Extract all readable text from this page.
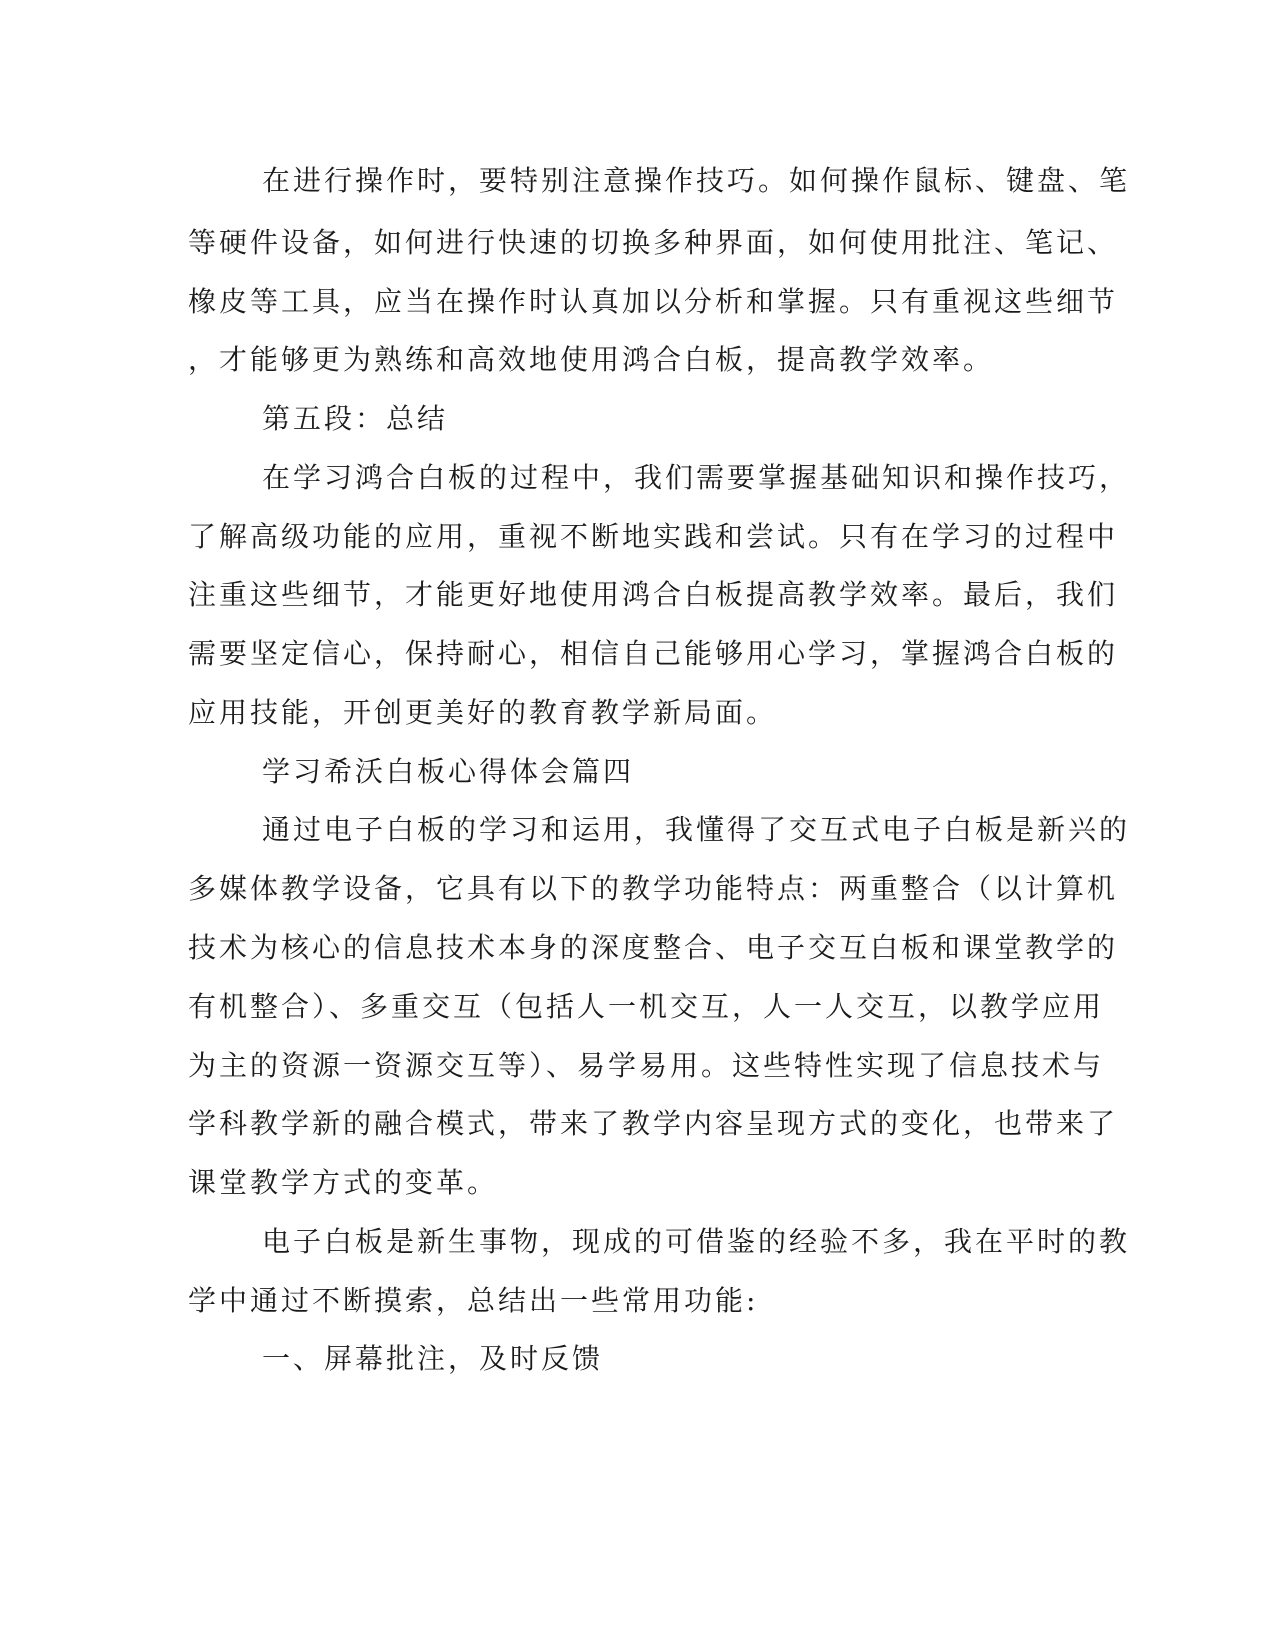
在进行操作时，要特别注意操作技巧。如何操作鼠标、键盘、笔
等硬件设备，如何进行快速的切换多种界面，如何使用批注、笔记、
橡皮等工具，应当在操作时认真加以分析和掌握。只有重视这些细节
，才能够更为熟练和高效地使用鸿合白板，提高教学效率。
第五段：总结
在学习鸿合白板的过程中，我们需要掌握基础知识和操作技巧，
了解高级功能的应用，重视不断地实践和尝试。只有在学习的过程中
注重这些细节，才能更好地使用鸿合白板提高教学效率。最后，我们
需要坚定信心，保持耐心，相信自己能够用心学习，掌握鸿合白板的
应用技能，开创更美好的教育教学新局面。
学习希沃白板心得体会篇四
通过电子白板的学习和运用，我懂得了交互式电子白板是新兴的
多媒体教学设备，它具有以下的教学功能特点：两重整合（以计算机
技术为核心的信息技术本身的深度整合、电子交互白板和课堂教学的
有机整合）、多重交互（包括人一机交互，人一人交互，以教学应用
为主的资源一资源交互等）、易学易用。这些特性实现了信息技术与
学科教学新的融合模式，带来了教学内容呈现方式的变化，也带来了
课堂教学方式的变革。
电子白板是新生事物，现成的可借鉴的经验不多，我在平时的教
学中通过不断摸索，总结出一些常用功能:
一、屏幕批注，及时反馈
